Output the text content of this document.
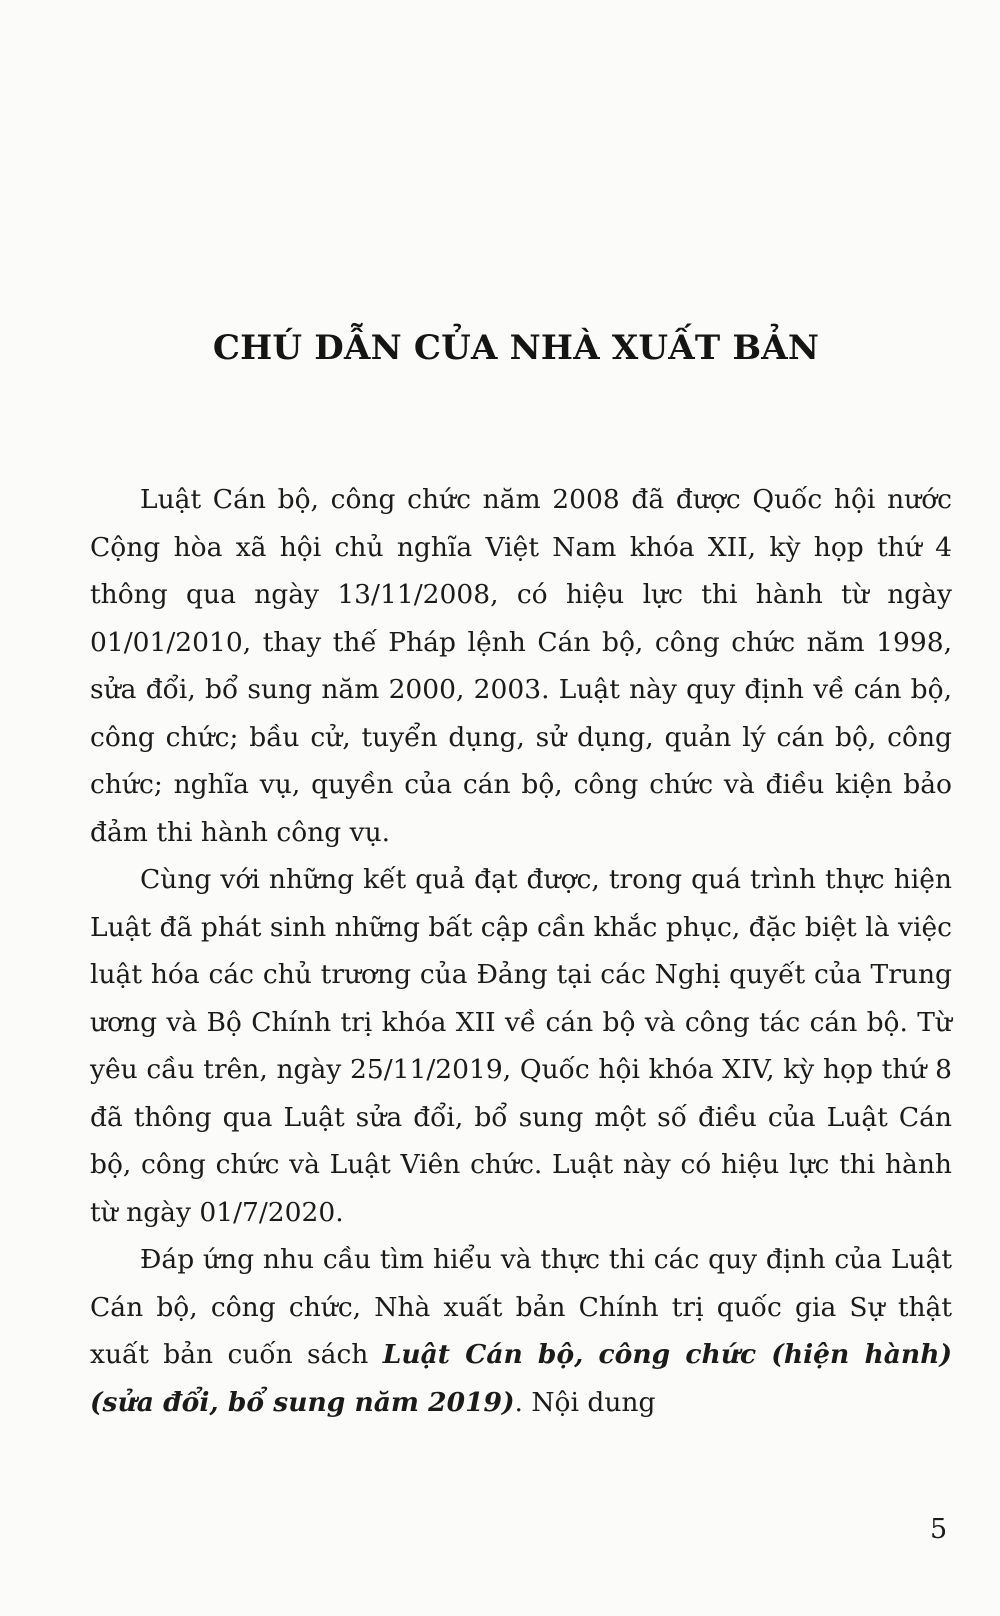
CHÚ DẪN CỦA NHÀ XUẤT BẢN

Luật Cán bộ, công chức năm 2008 đã được Quốc hội nước Cộng hòa xã hội chủ nghĩa Việt Nam khóa XII, kỳ họp thứ 4 thông qua ngày 13/11/2008, có hiệu lực thi hành từ ngày 01/01/2010, thay thế Pháp lệnh Cán bộ, công chức năm 1998, sửa đổi, bổ sung năm 2000, 2003. Luật này quy định về cán bộ, công chức; bầu cử, tuyển dụng, sử dụng, quản lý cán bộ, công chức; nghĩa vụ, quyền của cán bộ, công chức và điều kiện bảo đảm thi hành công vụ.

Cùng với những kết quả đạt được, trong quá trình thực hiện Luật đã phát sinh những bất cập cần khắc phục, đặc biệt là việc luật hóa các chủ trương của Đảng tại các Nghị quyết của Trung ương và Bộ Chính trị khóa XII về cán bộ và công tác cán bộ. Từ yêu cầu trên, ngày 25/11/2019, Quốc hội khóa XIV, kỳ họp thứ 8 đã thông qua Luật sửa đổi, bổ sung một số điều của Luật Cán bộ, công chức và Luật Viên chức. Luật này có hiệu lực thi hành từ ngày 01/7/2020.

Đáp ứng nhu cầu tìm hiểu và thực thi các quy định của Luật Cán bộ, công chức, Nhà xuất bản Chính trị quốc gia Sự thật xuất bản cuốn sách Luật Cán bộ, công chức (hiện hành) (sửa đổi, bổ sung năm 2019). Nội dung

5
